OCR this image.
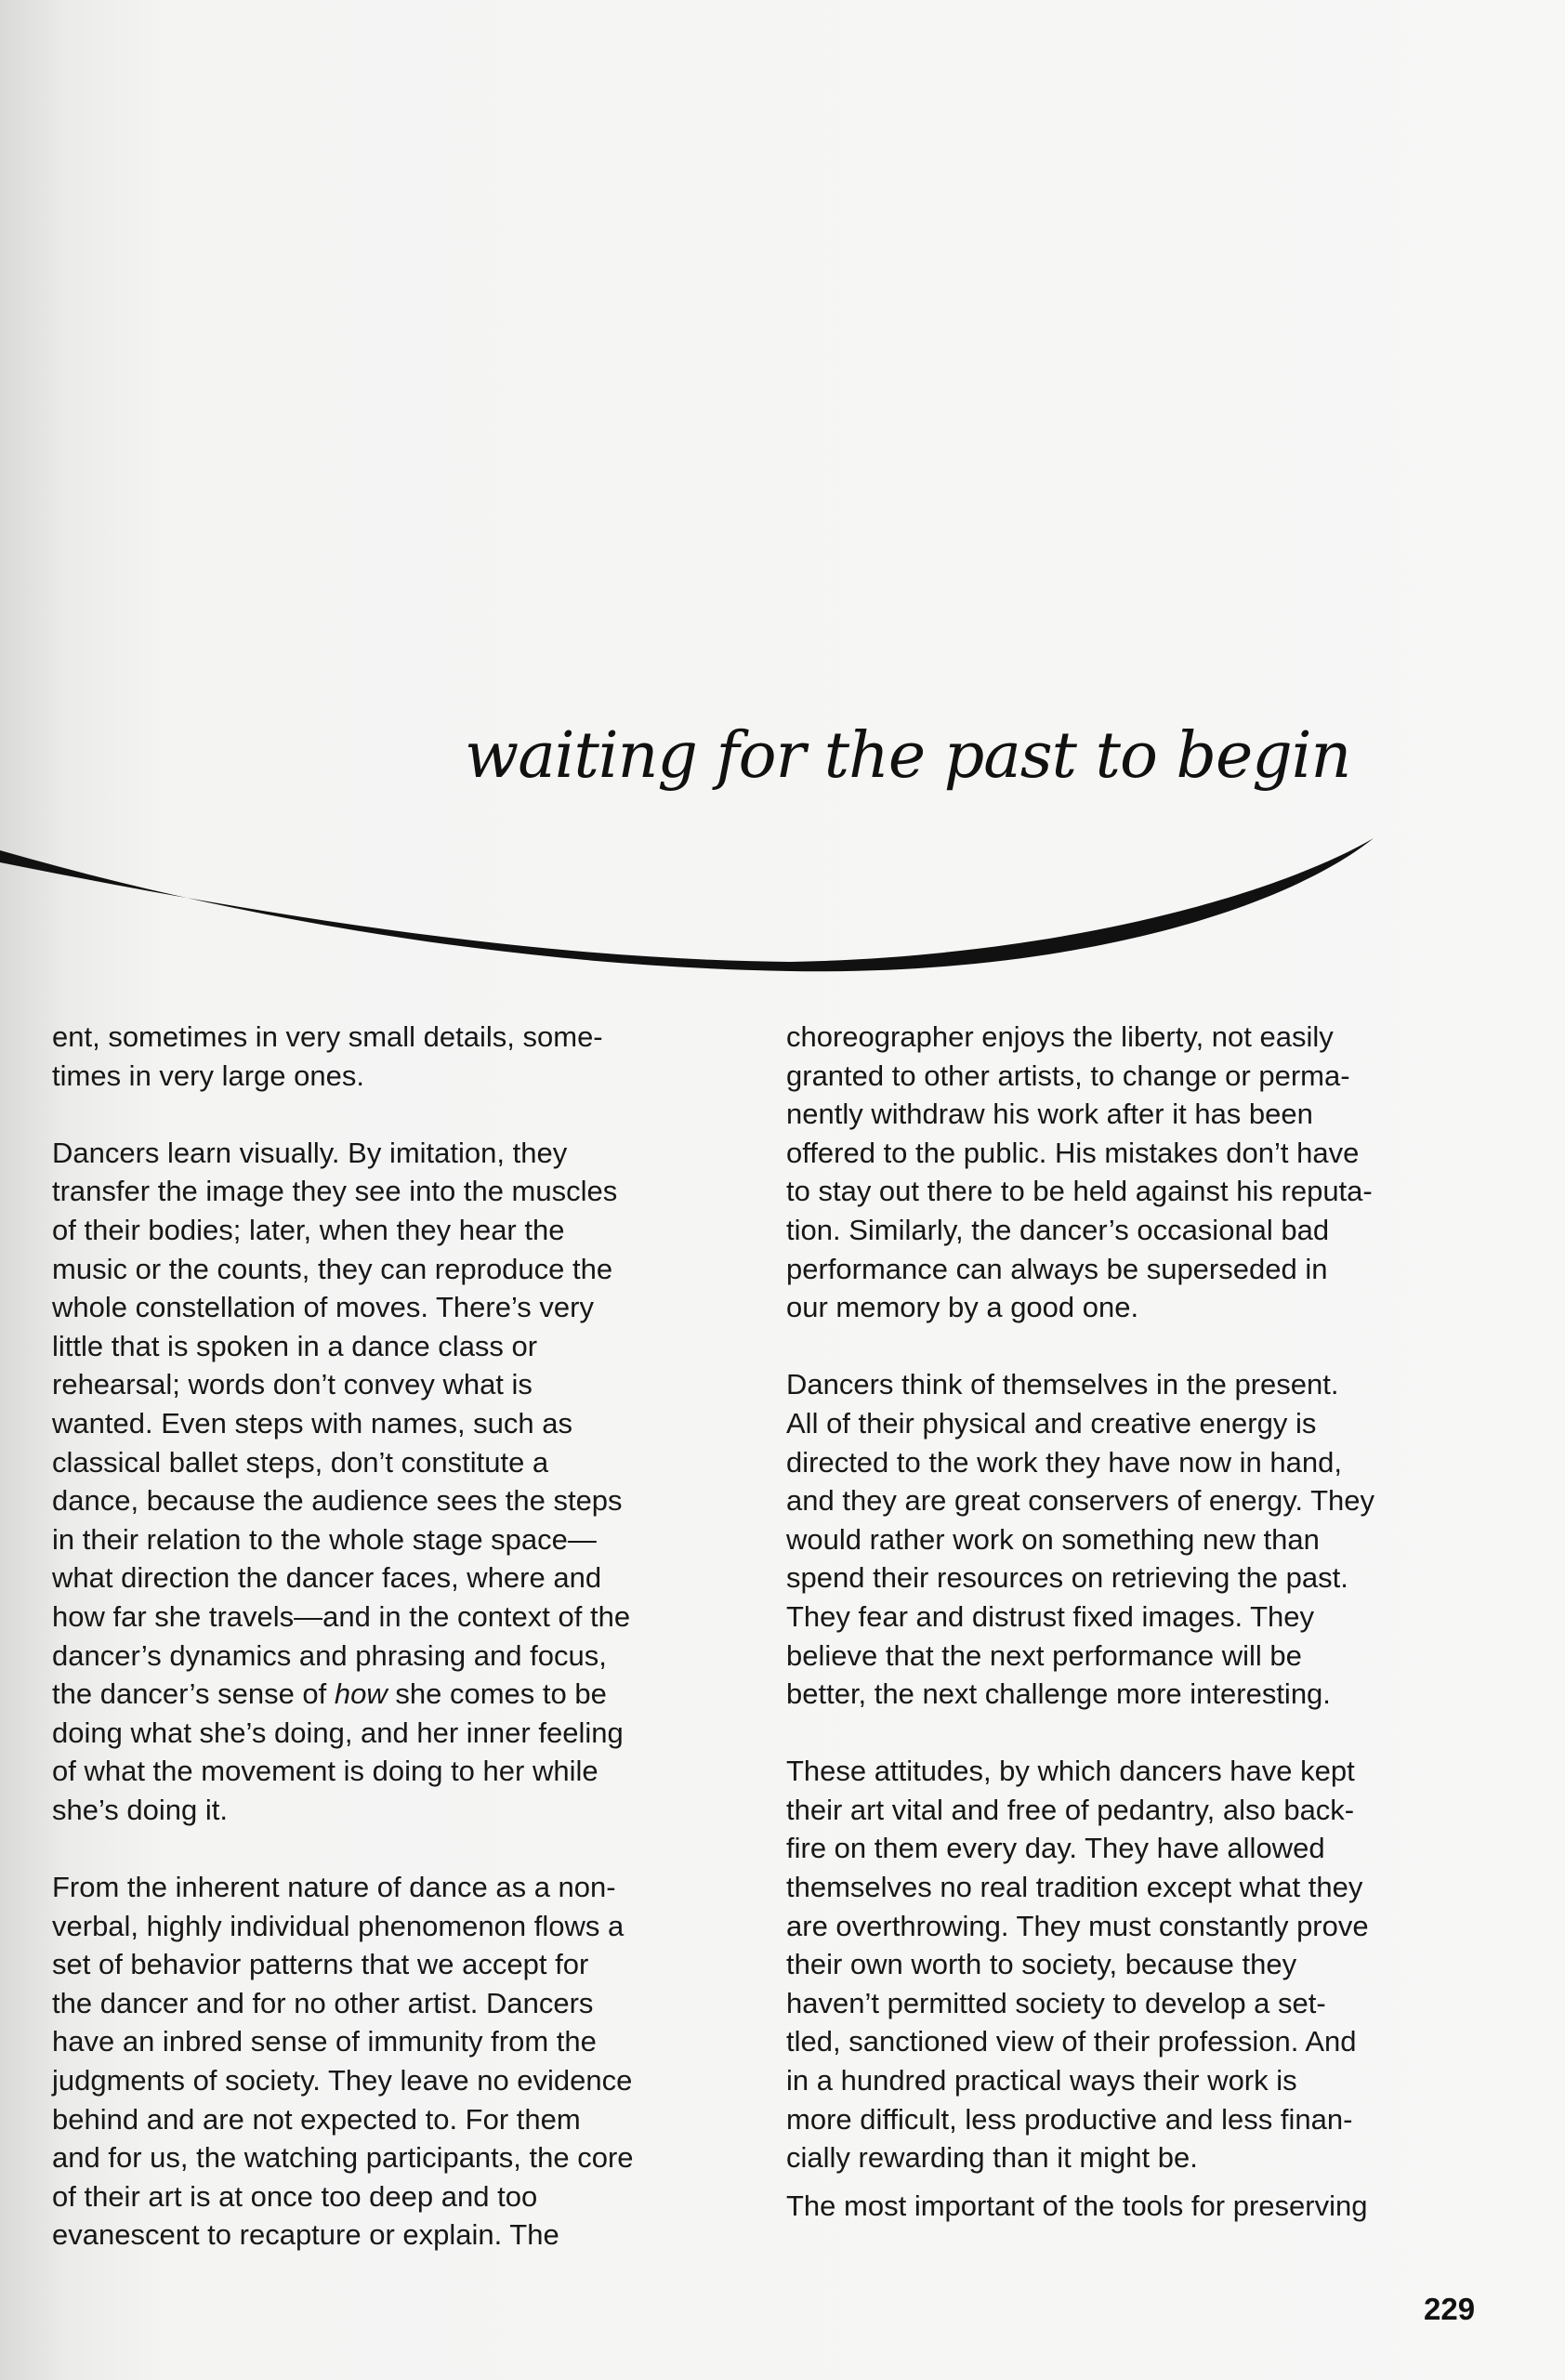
waiting for the past to begin

ent, sometimes in very small details, some-
times in very large ones.

Dancers learn visually. By imitation, they
transfer the image they see into the muscles
of their bodies; later, when they hear the
music or the counts, they can reproduce the
whole constellation of moves. There’s very
little that is spoken in a dance class or
rehearsal; words don’t convey what is
wanted. Even steps with names, such as
classical ballet steps, don’t constitute a
dance, because the audience sees the steps
in their relation to the whole stage space—
what direction the dancer faces, where and
how far she travels—and in the context of the
dancer’s dynamics and phrasing and focus,
the dancer’s sense of how she comes to be
doing what she’s doing, and her inner feeling
of what the movement is doing to her while
she’s doing it.

From the inherent nature of dance as a non-
verbal, highly individual phenomenon flows a
set of behavior patterns that we accept for
the dancer and for no other artist. Dancers
have an inbred sense of immunity from the
judgments of society. They leave no evidence
behind and are not expected to. For them
and for us, the watching participants, the core
of their art is at once too deep and too
evanescent to recapture or explain. The

choreographer enjoys the liberty, not easily
granted to other artists, to change or perma-
nently withdraw his work after it has been
offered to the public. His mistakes don’t have
to stay out there to be held against his reputa-
tion. Similarly, the dancer’s occasional bad
performance can always be superseded in
our memory by a good one.

Dancers think of themselves in the present.
All of their physical and creative energy is
directed to the work they have now in hand,
and they are great conservers of energy. They
would rather work on something new than
spend their resources on retrieving the past.
They fear and distrust fixed images. They
believe that the next performance will be
better, the next challenge more interesting.

These attitudes, by which dancers have kept
their art vital and free of pedantry, also back-
fire on them every day. They have allowed
themselves no real tradition except what they
are overthrowing. They must constantly prove
their own worth to society, because they
haven’t permitted society to develop a set-
tled, sanctioned view of their profession. And
in a hundred practical ways their work is
more difficult, less productive and less finan-
cially rewarding than it might be.

The most important of the tools for preserving

229
